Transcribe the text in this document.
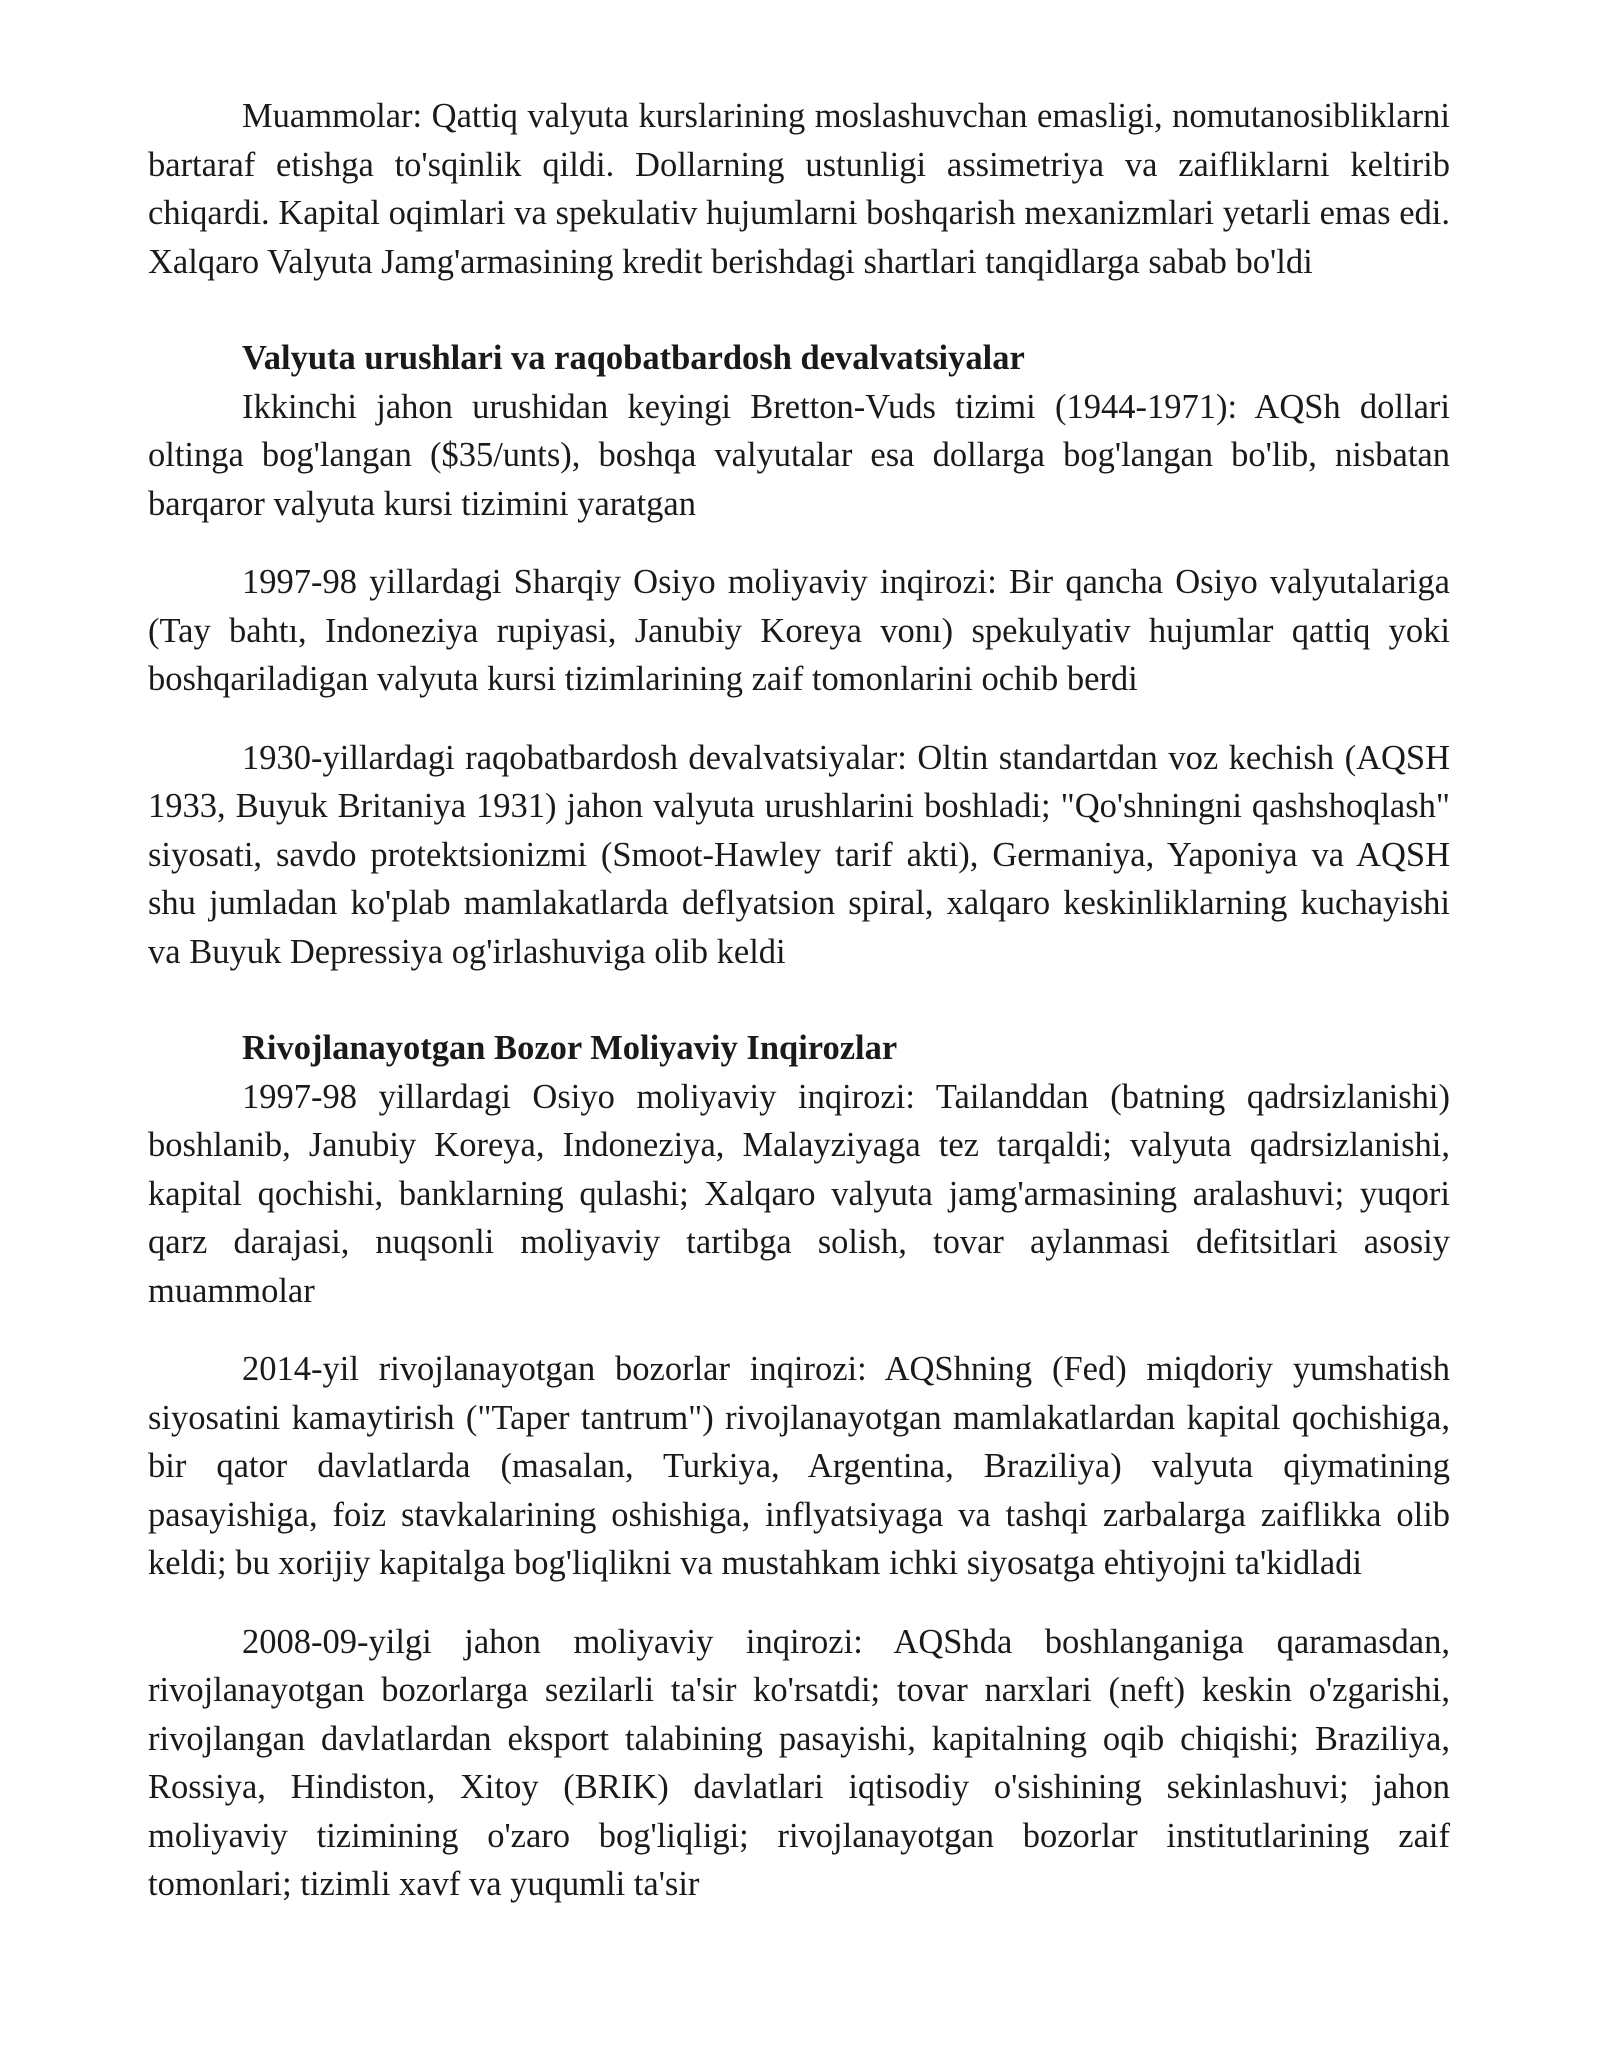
Muammolar: Qattiq valyuta kurslarining moslashuvchan emasligi, nomutanosibliklarni bartaraf etishga to'sqinlik qildi. Dollarning ustunligi assimetriya va zaifliklarni keltirib chiqardi. Kapital oqimlari va spekulativ hujumlarni boshqarish mexanizmlari yetarli emas edi. Xalqaro Valyuta Jamg'armasining kredit berishdagi shartlari tanqidlarga sabab bo'ldi

Valyuta urushlari va raqobatbardosh devalvatsiyalar

Ikkinchi jahon urushidan keyingi Bretton-Vuds tizimi (1944-1971): AQSh dollari oltinga bog'langan ($35/unts), boshqa valyutalar esa dollarga bog'langan bo'lib, nisbatan barqaror valyuta kursi tizimini yaratgan

1997-98 yillardagi Sharqiy Osiyo moliyaviy inqirozi: Bir qancha Osiyo valyutalariga (Tay bahtı, Indoneziya rupiyasi, Janubiy Koreya vonı) spekulyativ hujumlar qattiq yoki boshqariladigan valyuta kursi tizimlarining zaif tomonlarini ochib berdi

1930-yillardagi raqobatbardosh devalvatsiyalar: Oltin standartdan voz kechish (AQSH 1933, Buyuk Britaniya 1931) jahon valyuta urushlarini boshladi; "Qo'shningni qashshoqlash" siyosati, savdo protektsionizmi (Smoot-Hawley tarif akti), Germaniya, Yaponiya va AQSH shu jumladan ko'plab mamlakatlarda deflyatsion spiral, xalqaro keskinliklarning kuchayishi va Buyuk Depressiya og'irlashuviga olib keldi

Rivojlanayotgan Bozor Moliyaviy Inqirozlar

1997-98 yillardagi Osiyo moliyaviy inqirozi: Tailanddan (batning qadrsizlanishi) boshlanib, Janubiy Koreya, Indoneziya, Malayziyaga tez tarqaldi; valyuta qadrsizlanishi, kapital qochishi, banklarning qulashi; Xalqaro valyuta jamg'armasining aralashuvi; yuqori qarz darajasi, nuqsonli moliyaviy tartibga solish, tovar aylanmasi defitsitlari asosiy muammolar

2014-yil rivojlanayotgan bozorlar inqirozi: AQShning (Fed) miqdoriy yumshatish siyosatini kamaytirish ("Taper tantrum") rivojlanayotgan mamlakatlardan kapital qochishiga, bir qator davlatlarda (masalan, Turkiya, Argentina, Braziliya) valyuta qiymatining pasayishiga, foiz stavkalarining oshishiga, inflyatsiyaga va tashqi zarbalarga zaiflikka olib keldi; bu xorijiy kapitalga bog'liqlikni va mustahkam ichki siyosatga ehtiyojni ta'kidladi

2008-09-yilgi jahon moliyaviy inqirozi: AQShda boshlanganiga qaramasdan, rivojlanayotgan bozorlarga sezilarli ta'sir ko'rsatdi; tovar narxlari (neft) keskin o'zgarishi, rivojlangan davlatlardan eksport talabining pasayishi, kapitalning oqib chiqishi; Braziliya, Rossiya, Hindiston, Xitoy (BRIK) davlatlari iqtisodiy o'sishining sekinlashuvi; jahon moliyaviy tizimining o'zaro bog'liqligi; rivojlanayotgan bozorlar institutlarining zaif tomonlari; tizimli xavf va yuqumli ta'sir
